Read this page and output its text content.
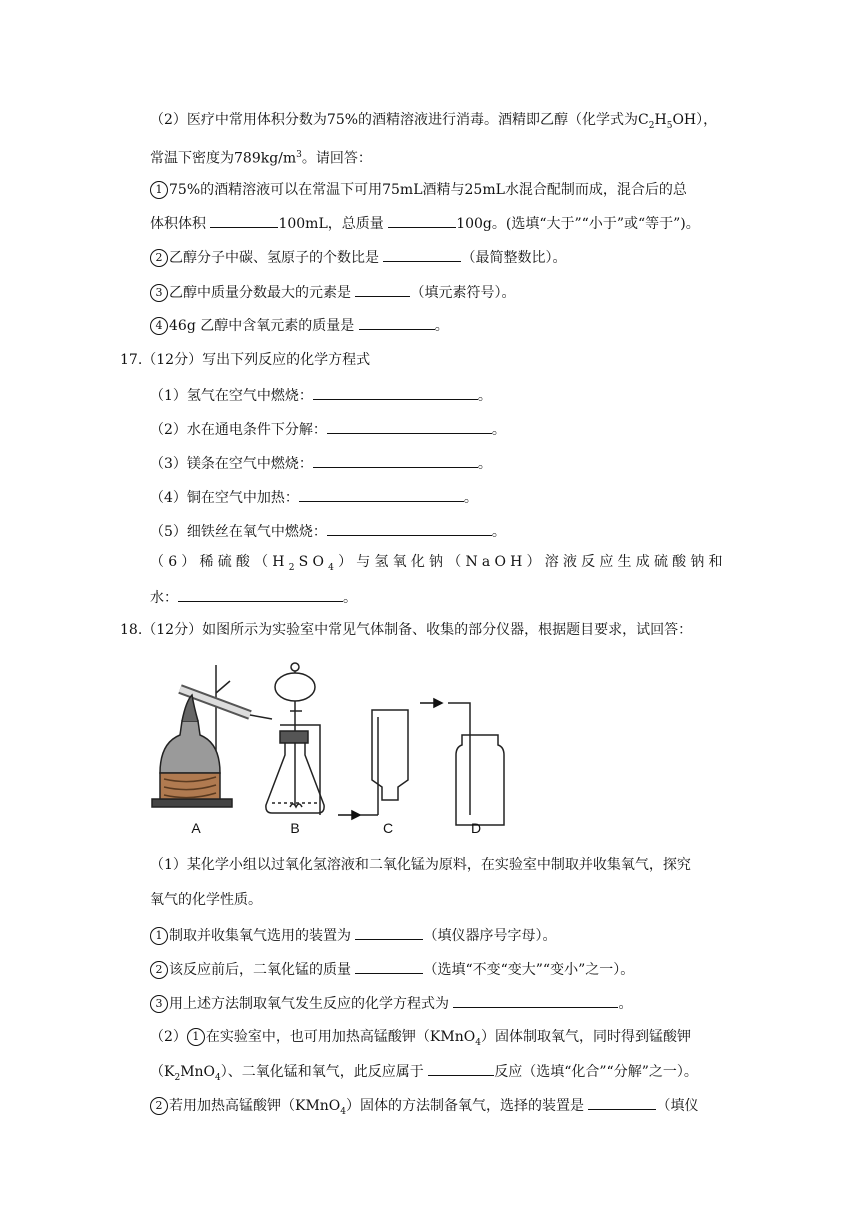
（2）医疗中常用体积分数为75%的酒精溶液进行消毒。酒精即乙醇（化学式为$C_2H_5OH$），
常温下密度为$789kg/m^3$。请回答：
1 75%的酒精溶液可以在常温下可用75mL酒精与25mL水混合配制而成，混合后的总
体积体积	100mL，总质量	100g。(选填“大于”“小于”或“等于”)。
2 乙醇分子中碳、氢原子的个数比是	（最简整数比）。
3 乙醇中质量分数最大的元素是	（填元素符号）。
4 46g 乙醇中含氧元素的质量是	。
17.（12分）写出下列反应的化学方程式
（1）氢气在空气中燃烧：	。
（2）水在通电条件下分解：	。
（3）镁条在空气中燃烧：	。
（4）铜在空气中加热：	。
（5）细铁丝在氧气中燃烧：	。
（6）稀硫酸$(H_2SO_4)$与氢氧化钠（NaOH）溶液反应生成硫酸钠和
水：	。
18.（12分）如图所示为实验室中常见气体制备、收集的部分仪器，根据题目要求，试回答：
A	B	C	D
（1）某化学小组以过氧化氢溶液和二氧化锰为原料，在实验室中制取并收集氧气，探究
氧气的化学性质。
1 制取并收集氧气选用的装置为	（填仪器序号字母）。
2 该反应前后，二氧化锰的质量	（选填“不变“变大”“变小”之一）。
3 用上述方法制取氧气发生反应的化学方程式为	。
（2） 1 在实验室中，也可用加热高锰酸钾（KMnO$_4$）固体制取氧气，同时得到锰酸钾
$(K_2MnO_4)$、二氧化锰和氧气，此反应属于	反应（选填“化合”“分解”之一）。
2 若用加热高锰酸钾（KMnO$_4$）固体的方法制备氧气，选择的装置是	（填仪
